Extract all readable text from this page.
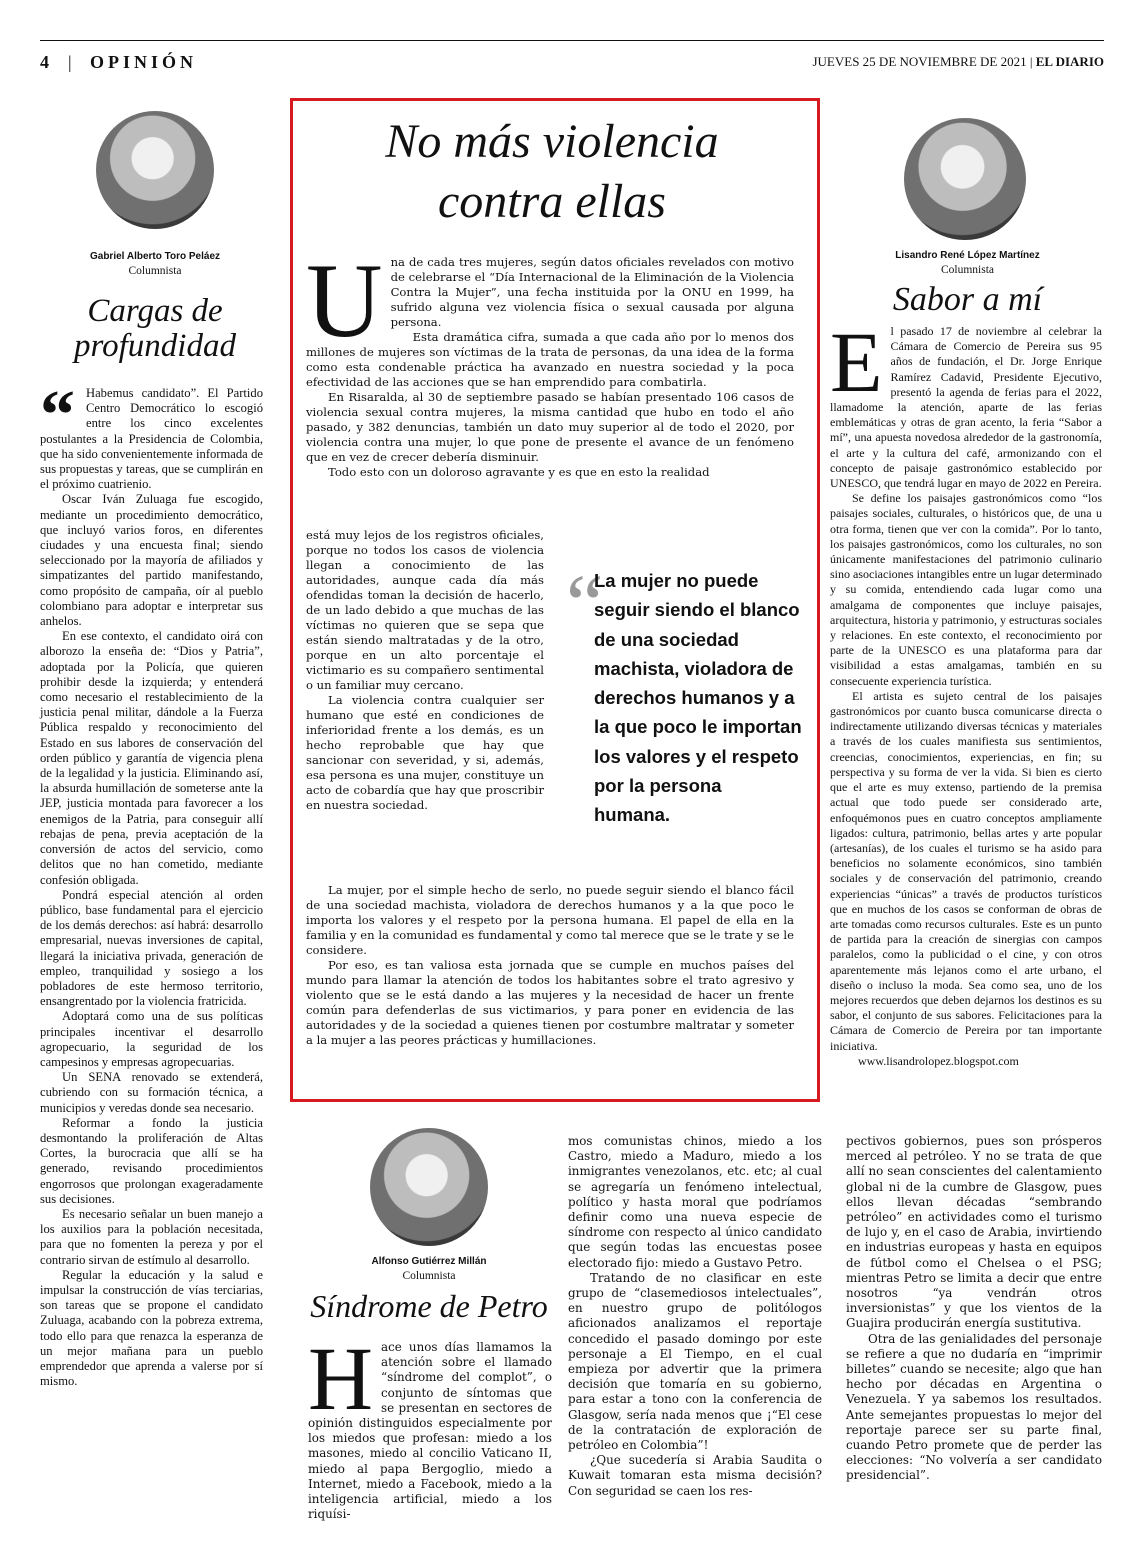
4 | OPINIÓN	JUEVES 25 DE NOVIEMBRE DE 2021 | EL DIARIO
Gabriel Alberto Toro Peláez
Columnista
Cargas de profundidad
“ Habemus candidato”. El Partido Centro Democrático lo escogió entre los cinco excelentes postulantes a la Presidencia de Colombia, que ha sido convenientemente informada de sus propuestas y tareas, que se cumplirán en el próximo cuatrienio.

Oscar Iván Zuluaga fue escogido, mediante un procedimiento democrático, que incluyó varios foros, en diferentes ciudades y una encuesta final; siendo seleccionado por la mayoría de afiliados y simpatizantes del partido manifestando, como propósito de campaña, oír al pueblo colombiano para adoptar e interpretar sus anhelos.

En ese contexto, el candidato oirá con alborozo la enseña de: “Dios y Patria”, adoptada por la Policía, que quieren prohibir desde la izquierda; y entenderá como necesario el restablecimiento de la justicia penal militar, dándole a la Fuerza Pública respaldo y reconocimiento del Estado en sus labores de conservación del orden público y garantía de vigencia plena de la legalidad y la justicia. Eliminando así, la absurda humillación de someterse ante la JEP, justicia montada para favorecer a los enemigos de la Patria, para conseguir allí rebajas de pena, previa aceptación de la conversión de actos del servicio, como delitos que no han cometido, mediante confesión obligada.

Pondrá especial atención al orden público, base fundamental para el ejercicio de los demás derechos: así habrá: desarrollo empresarial, nuevas inversiones de capital, llegará la iniciativa privada, generación de empleo, tranquilidad y sosiego a los pobladores de este hermoso territorio, ensangrentado por la violencia fratricida.

Adoptará como una de sus políticas principales incentivar el desarrollo agropecuario, la seguridad de los campesinos y empresas agropecuarias.

Un SENA renovado se extenderá, cubriendo con su formación técnica, a municipios y veredas donde sea necesario.

Reformar a fondo la justicia desmontando la proliferación de Altas Cortes, la burocracia que allí se ha generado, revisando procedimientos engorrosos que prolongan exageradamente sus decisiones.

Es necesario señalar un buen manejo a los auxilios para la población necesitada, para que no fomenten la pereza y por el contrario sirvan de estímulo al desarrollo.

Regular la educación y la salud e impulsar la construcción de vías terciarias, son tareas que se propone el candidato Zuluaga, acabando con la pobreza extrema, todo ello para que renazca la esperanza de un mejor mañana para un pueblo emprendedor que aprenda a valerse por sí mismo.

No más violencia
contra ellas
U na de cada tres mujeres, según datos oficiales revelados con motivo de celebrarse el “Día Internacional de la Eliminación de la Violencia Contra la Mujer”, una fecha instituida por la ONU en 1999, ha sufrido alguna vez violencia física o sexual causada por alguna persona.

Esta dramática cifra, sumada a que cada año por lo menos dos millones de mujeres son víctimas de la trata de personas, da una idea de la forma como esta condenable práctica ha avanzado en nuestra sociedad y la poca efectividad de las acciones que se han emprendido para combatirla.

En Risaralda, al 30 de septiembre pasado se habían presentado 106 casos de violencia sexual contra mujeres, la misma cantidad que hubo en todo el año pasado, y 382 denuncias, también un dato muy superior al de todo el 2020, por violencia contra una mujer, lo que pone de presente el avance de un fenómeno que en vez de crecer debería disminuir.

Todo esto con un doloroso agravante y es que en esto la realidad

está muy lejos de los registros oficiales, porque no todos los casos de violencia llegan a conocimiento de las autoridades, aunque cada día más ofendidas toman la decisión de hacerlo, de un lado debido a que muchas de las víctimas no quieren que se sepa que están siendo maltratadas y de la otro, porque en un alto porcentaje el victimario es su compañero sentimental o un familiar muy cercano.

La violencia contra cualquier ser humano que esté en condiciones de inferioridad frente a los demás, es un hecho reprobable que hay que sancionar con severidad, y si, además, esa persona es una mujer, constituye un acto de cobardía que hay que proscribir en nuestra sociedad.

“
La mujer no puede seguir siendo el blanco de una sociedad machista, violadora de derechos humanos y a la que poco le importan los valores y el respeto por la persona humana.

La mujer, por el simple hecho de serlo, no puede seguir siendo el blanco fácil de una sociedad machista, violadora de derechos humanos y a la que poco le importa los valores y el respeto por la persona humana. El papel de ella en la familia y en la comunidad es fundamental y como tal merece que se le trate y se le considere.

Por eso, es tan valiosa esta jornada que se cumple en muchos países del mundo para llamar la atención de todos los habitantes sobre el trato agresivo y violento que se le está dando a las mujeres y la necesidad de hacer un frente común para defenderlas de sus victimarios, y para poner en evidencia de las autoridades y de la sociedad a quienes tienen por costumbre maltratar y someter a la mujer a las peores prácticas y humillaciones.

Lisandro René López Martínez
Columnista
Sabor a mí
E l pasado 17 de noviembre al celebrar la Cámara de Comercio de Pereira sus 95 años de fundación, el Dr. Jorge Enrique Ramírez Cadavid, Presidente Ejecutivo, presentó la agenda de ferias para el 2022, llamadome la atención, aparte de las ferias emblemáticas y otras de gran acento, la feria “Sabor a mí”, una apuesta novedosa alrededor de la gastronomía, el arte y la cultura del café, armonizando con el concepto de paisaje gastronómico establecido por UNESCO, que tendrá lugar en mayo de 2022 en Pereira.

Se define los paisajes gastronómicos como “los paisajes sociales, culturales, o históricos que, de una u otra forma, tienen que ver con la comida”. Por lo tanto, los paisajes gastronómicos, como los culturales, no son únicamente manifestaciones del patrimonio culinario sino asociaciones intangibles entre un lugar determinado y su comida, entendiendo cada lugar como una amalgama de componentes que incluye paisajes, arquitectura, historia y patrimonio, y estructuras sociales y relaciones. En este contexto, el reconocimiento por parte de la UNESCO es una plataforma para dar visibilidad a estas amalgamas, también en su consecuente experiencia turística.

El artista es sujeto central de los paisajes gastronómicos por cuanto busca comunicarse directa o indirectamente utilizando diversas técnicas y materiales a través de los cuales manifiesta sus sentimientos, creencias, conocimientos, experiencias, en fin; su perspectiva y su forma de ver la vida. Si bien es cierto que el arte es muy extenso, partiendo de la premisa actual que todo puede ser considerado arte, enfoquémonos pues en cuatro conceptos ampliamente ligados: cultura, patrimonio, bellas artes y arte popular (artesanías), de los cuales el turismo se ha asido para beneficios no solamente económicos, sino también sociales y de conservación del patrimonio, creando experiencias “únicas” a través de productos turísticos que en muchos de los casos se conforman de obras de arte tomadas como recursos culturales. Este es un punto de partida para la creación de sinergias con campos paralelos, como la publicidad o el cine, y con otros aparentemente más lejanos como el arte urbano, el diseño o incluso la moda. Sea como sea, uno de los mejores recuerdos que deben dejarnos los destinos es su sabor, el conjunto de sus sabores. Felicitaciones para la Cámara de Comercio de Pereira por tan importante iniciativa.

www.lisandrolopez.blogspot.com

Alfonso Gutiérrez Millán
Columnista
Síndrome de Petro
H ace unos días llamamos la atención sobre el llamado “síndrome del complot”, o conjunto de síntomas que se presentan en sectores de opinión distinguidos especialmente por los miedos que profesan: miedo a los masones, miedo al concilio Vaticano II, miedo al papa Bergoglio, miedo a Internet, miedo a Facebook, miedo a la inteligencia artificial, miedo a los riquísi-

mos comunistas chinos, miedo a los Castro, miedo a Maduro, miedo a los inmigrantes venezolanos, etc. etc; al cual se agregaría un fenómeno intelectual, político y hasta moral que podríamos definir como una nueva especie de síndrome con respecto al único candidato que según todas las encuestas posee electorado fijo: miedo a Gustavo Petro.

Tratando de no clasificar en este grupo de “clasemediosos intelectuales”, en nuestro grupo de politólogos aficionados analizamos el reportaje concedido el pasado domingo por este personaje a El Tiempo, en el cual empieza por advertir que la primera decisión que tomaría en su gobierno, para estar a tono con la conferencia de Glasgow, sería nada menos que ¡“El cese de la contratación de exploración de petróleo en Colombia”!

¿Que sucedería si Arabia Saudita o Kuwait tomaran esta misma decisión? Con seguridad se caen los res-

pectivos gobiernos, pues son prósperos merced al petróleo. Y no se trata de que allí no sean conscientes del calentamiento global ni de la cumbre de Glasgow, pues ellos llevan décadas “sembrando petróleo” en actividades como el turismo de lujo y, en el caso de Arabia, invirtiendo en industrias europeas y hasta en equipos de fútbol como el Chelsea o el PSG; mientras Petro se limita a decir que entre nosotros “ya vendrán otros inversionistas” y que los vientos de la Guajira producirán energía sustitutiva.

Otra de las genialidades del personaje se refiere a que no dudaría en “imprimir billetes” cuando se necesite; algo que han hecho por décadas en Argentina o Venezuela. Y ya sabemos los resultados. Ante semejantes propuestas lo mejor del reportaje parece ser su parte final, cuando Petro promete que de perder las elecciones: “No volvería a ser candidato presidencial”.
